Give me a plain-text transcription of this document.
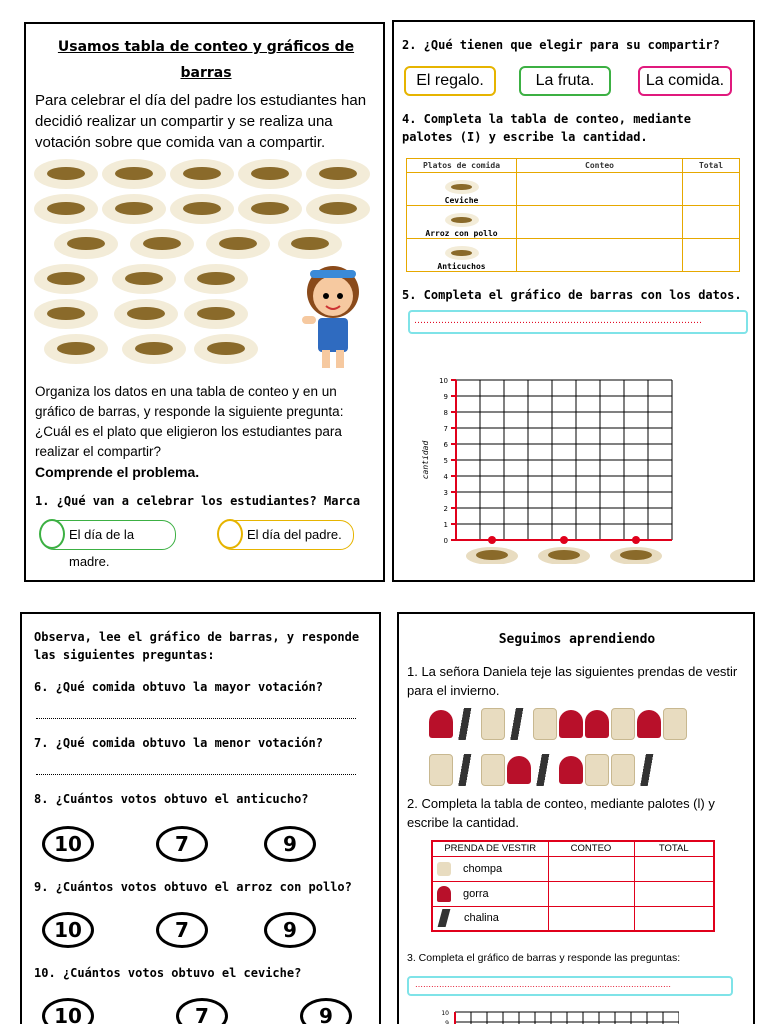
Usamos tabla de conteo y gráficos de barras
Para celebrar el día del padre los estudiantes han decidió realizar un compartir y se realiza una votación sobre que comida van a compartir.
Organiza los datos en una tabla de conteo y en un gráfico de barras, y responde la siguiente pregunta: ¿Cuál es el plato que eligieron los estudiantes para realizar el compartir?
Comprende el problema.
1. ¿Qué van a celebrar los estudiantes? Marca
El día de la madre.
El día del padre.
2. ¿Qué tienen que elegir para su compartir?
El regalo.	La fruta.	La comida.
4. Completa la tabla de conteo, mediante palotes (I) y escribe la cantidad.
Platos de comida	Conteo	Total

Ceviche		

Arroz con pollo		

Anticuchos		
5. Completa el gráfico de barras con los datos.
……………………………………………………………………………………
10
9
8
7
6
5
4
3
2
1
0
cantidad
Observa, lee el gráfico de barras, y responde las siguientes preguntas:
6. ¿Qué comida obtuvo la mayor votación?
7. ¿Qué comida obtuvo la menor votación?
8. ¿Cuántos votos obtuvo el anticucho?
10	7	9
9. ¿Cuántos votos obtuvo el arroz con pollo?
10	7	9
10. ¿Cuántos votos obtuvo el ceviche?
10	7	9
Seguimos aprendiendo
1. La señora Daniela teje las siguientes prendas de vestir para el invierno.
2. Completa la tabla de conteo, mediante palotes (l) y escribe la cantidad.
PRENDA DE VESTIR	CONTEO	TOTAL
chompa		
gorra		
chalina		
3. Completa el gráfico de barras y responde las preguntas:
……………………………………………………………………………………
10
9
